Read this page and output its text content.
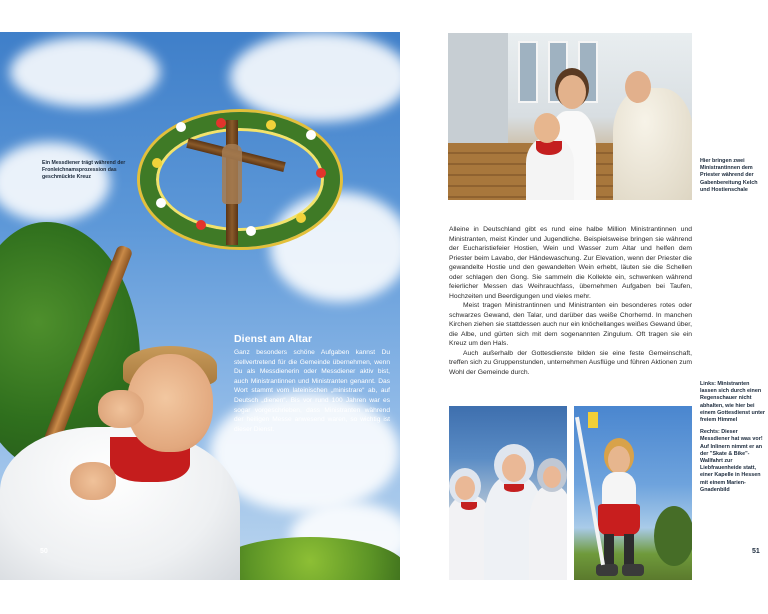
Ein Messdiener trägt während der Fronleichnamsprozession das geschmückte Kreuz
Dienst am Altar
Ganz besonders schöne Aufgaben kannst Du stellvertretend für die Gemeinde übernehmen, wenn Du als Messdienerin oder Messdiener aktiv bist, auch Ministrantinnen und Ministranten genannt. Das Wort stammt vom lateinischen „ministrare“ ab, auf Deutsch „dienen“. Bis vor rund 100 Jahren war es sogar vorgeschrieben, dass Ministranten während der heiligen Messe anwesend waren, so wichtig ist dieser Dienst.
50
Hier bringen zwei Ministrantinnen dem Priester während der Gabenbereitung Kelch und Hostienschale

Alleine in Deutschland gibt es rund eine halbe Million Ministrantinnen und Ministranten, meist Kinder und Jugendliche. Beispielsweise bringen sie während der Eucharistiefeier Hostien, Wein und Wasser zum Altar und helfen dem Priester beim Lavabo, der Händewaschung. Zur Elevation, wenn der Priester die gewandelte Hostie und den gewandelten Wein erhebt, läuten sie die Schellen oder schlagen den Gong. Sie sammeln die Kollekte ein, schwenken während feierlicher Messen das Weihrauchfass, übernehmen Aufgaben bei Taufen, Hochzeiten und Beerdigungen und vieles mehr.

Meist tragen Ministrantinnen und Ministranten ein besonderes rotes oder schwarzes Gewand, den Talar, und darüber das weiße Chorhemd. In manchen Kirchen ziehen sie stattdessen auch nur ein knöchellanges weißes Gewand über, die Albe, und gürten sich mit dem sogenannten Zingulum. Oft tragen sie ein Kreuz um den Hals.

Auch außerhalb der Gottesdienste bilden sie eine feste Gemeinschaft, treffen sich zu Gruppenstunden, unternehmen Ausflüge und führen Aktionen zum Wohl der Gemeinde durch.

Links: Ministranten lassen sich durch einen Regenschauer nicht abhalten, wie hier bei einem Gottesdienst unter freiem Himmel

Rechts: Dieser Messdiener hat was vor! Auf Inlinern nimmt er an der "Skate & Bike"-Wallfahrt zur Liebfrauenheide statt, einer Kapelle in Hessen mit einem Marien-Gnadenbild

51
